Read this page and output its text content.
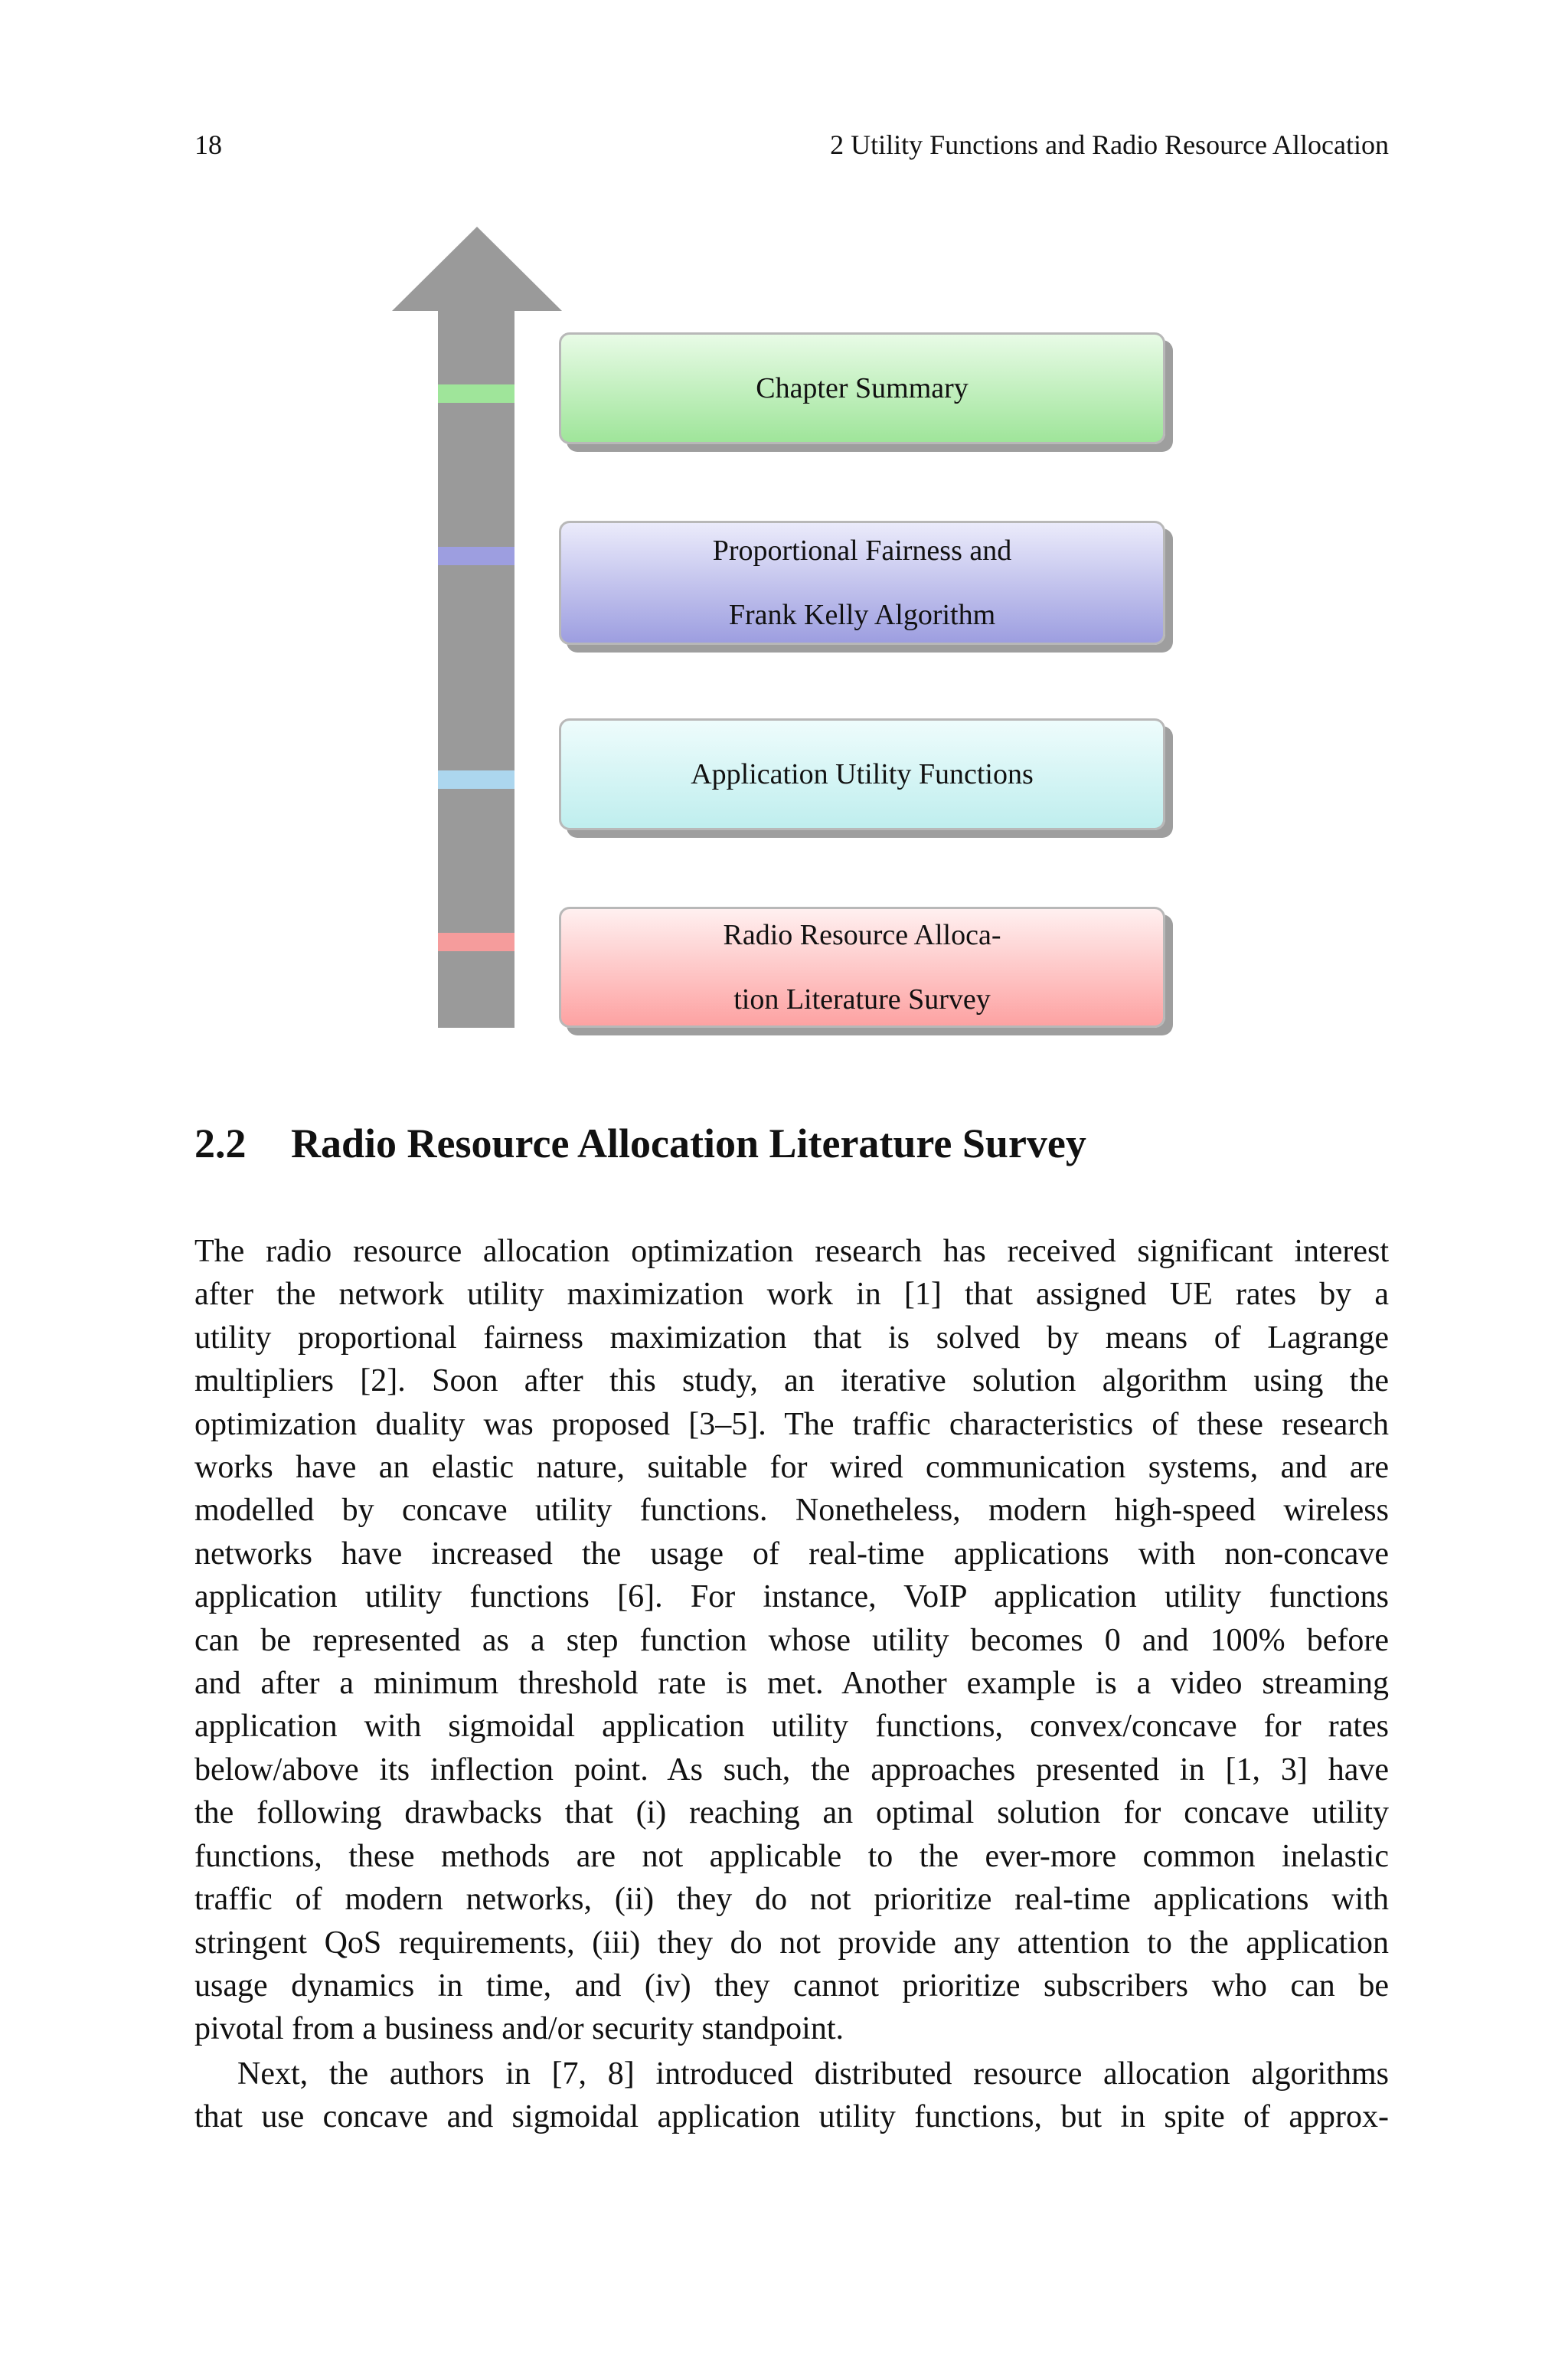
18	2 Utility Functions and Radio Resource Allocation
Chapter Summary
Proportional Fairness and
Frank Kelly Algorithm
Application Utility Functions
Radio Resource Alloca-
tion Literature Survey
2.2 Radio Resource Allocation Literature Survey
The radio resource allocation optimization research has received significant interest
after the network utility maximization work in [1] that assigned UE rates by a
utility proportional fairness maximization that is solved by means of Lagrange
multipliers [2]. Soon after this study, an iterative solution algorithm using the
optimization duality was proposed [3–5]. The traffic characteristics of these research
works have an elastic nature, suitable for wired communication systems, and are
modelled by concave utility functions. Nonetheless, modern high-speed wireless
networks have increased the usage of real-time applications with non-concave
application utility functions [6]. For instance, VoIP application utility functions
can be represented as a step function whose utility becomes 0 and 100% before
and after a minimum threshold rate is met. Another example is a video streaming
application with sigmoidal application utility functions, convex/concave for rates
below/above its inflection point. As such, the approaches presented in [1, 3] have
the following drawbacks that (i) reaching an optimal solution for concave utility
functions, these methods are not applicable to the ever-more common inelastic
traffic of modern networks, (ii) they do not prioritize real-time applications with
stringent QoS requirements, (iii) they do not provide any attention to the application
usage dynamics in time, and (iv) they cannot prioritize subscribers who can be
pivotal from a business and/or security standpoint.
Next, the authors in [7, 8] introduced distributed resource allocation algorithms
that use concave and sigmoidal application utility functions, but in spite of approx-
